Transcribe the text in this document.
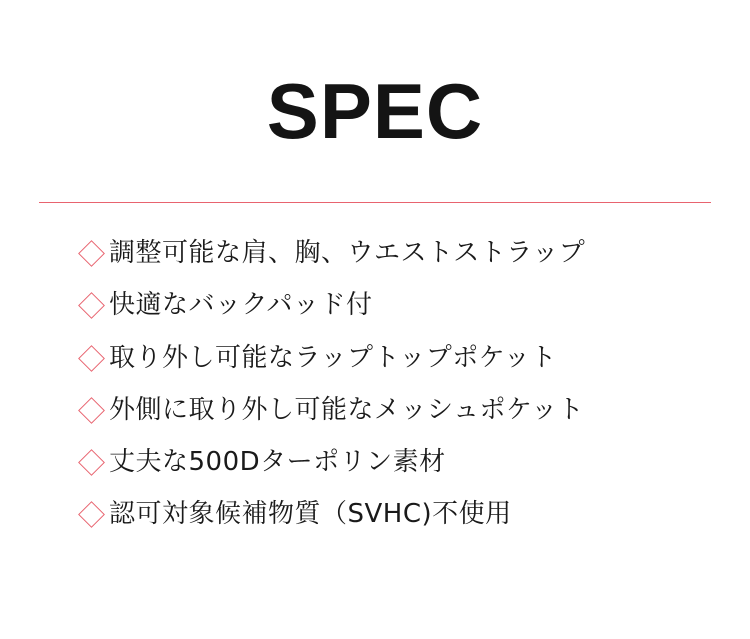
SPEC
調整可能な肩、胸、ウエストストラップ
快適なバックパッド付
取り外し可能なラップトップポケット
外側に取り外し可能なメッシュポケット
丈夫な500Dターポリン素材
認可対象候補物質（SVHC)不使用
